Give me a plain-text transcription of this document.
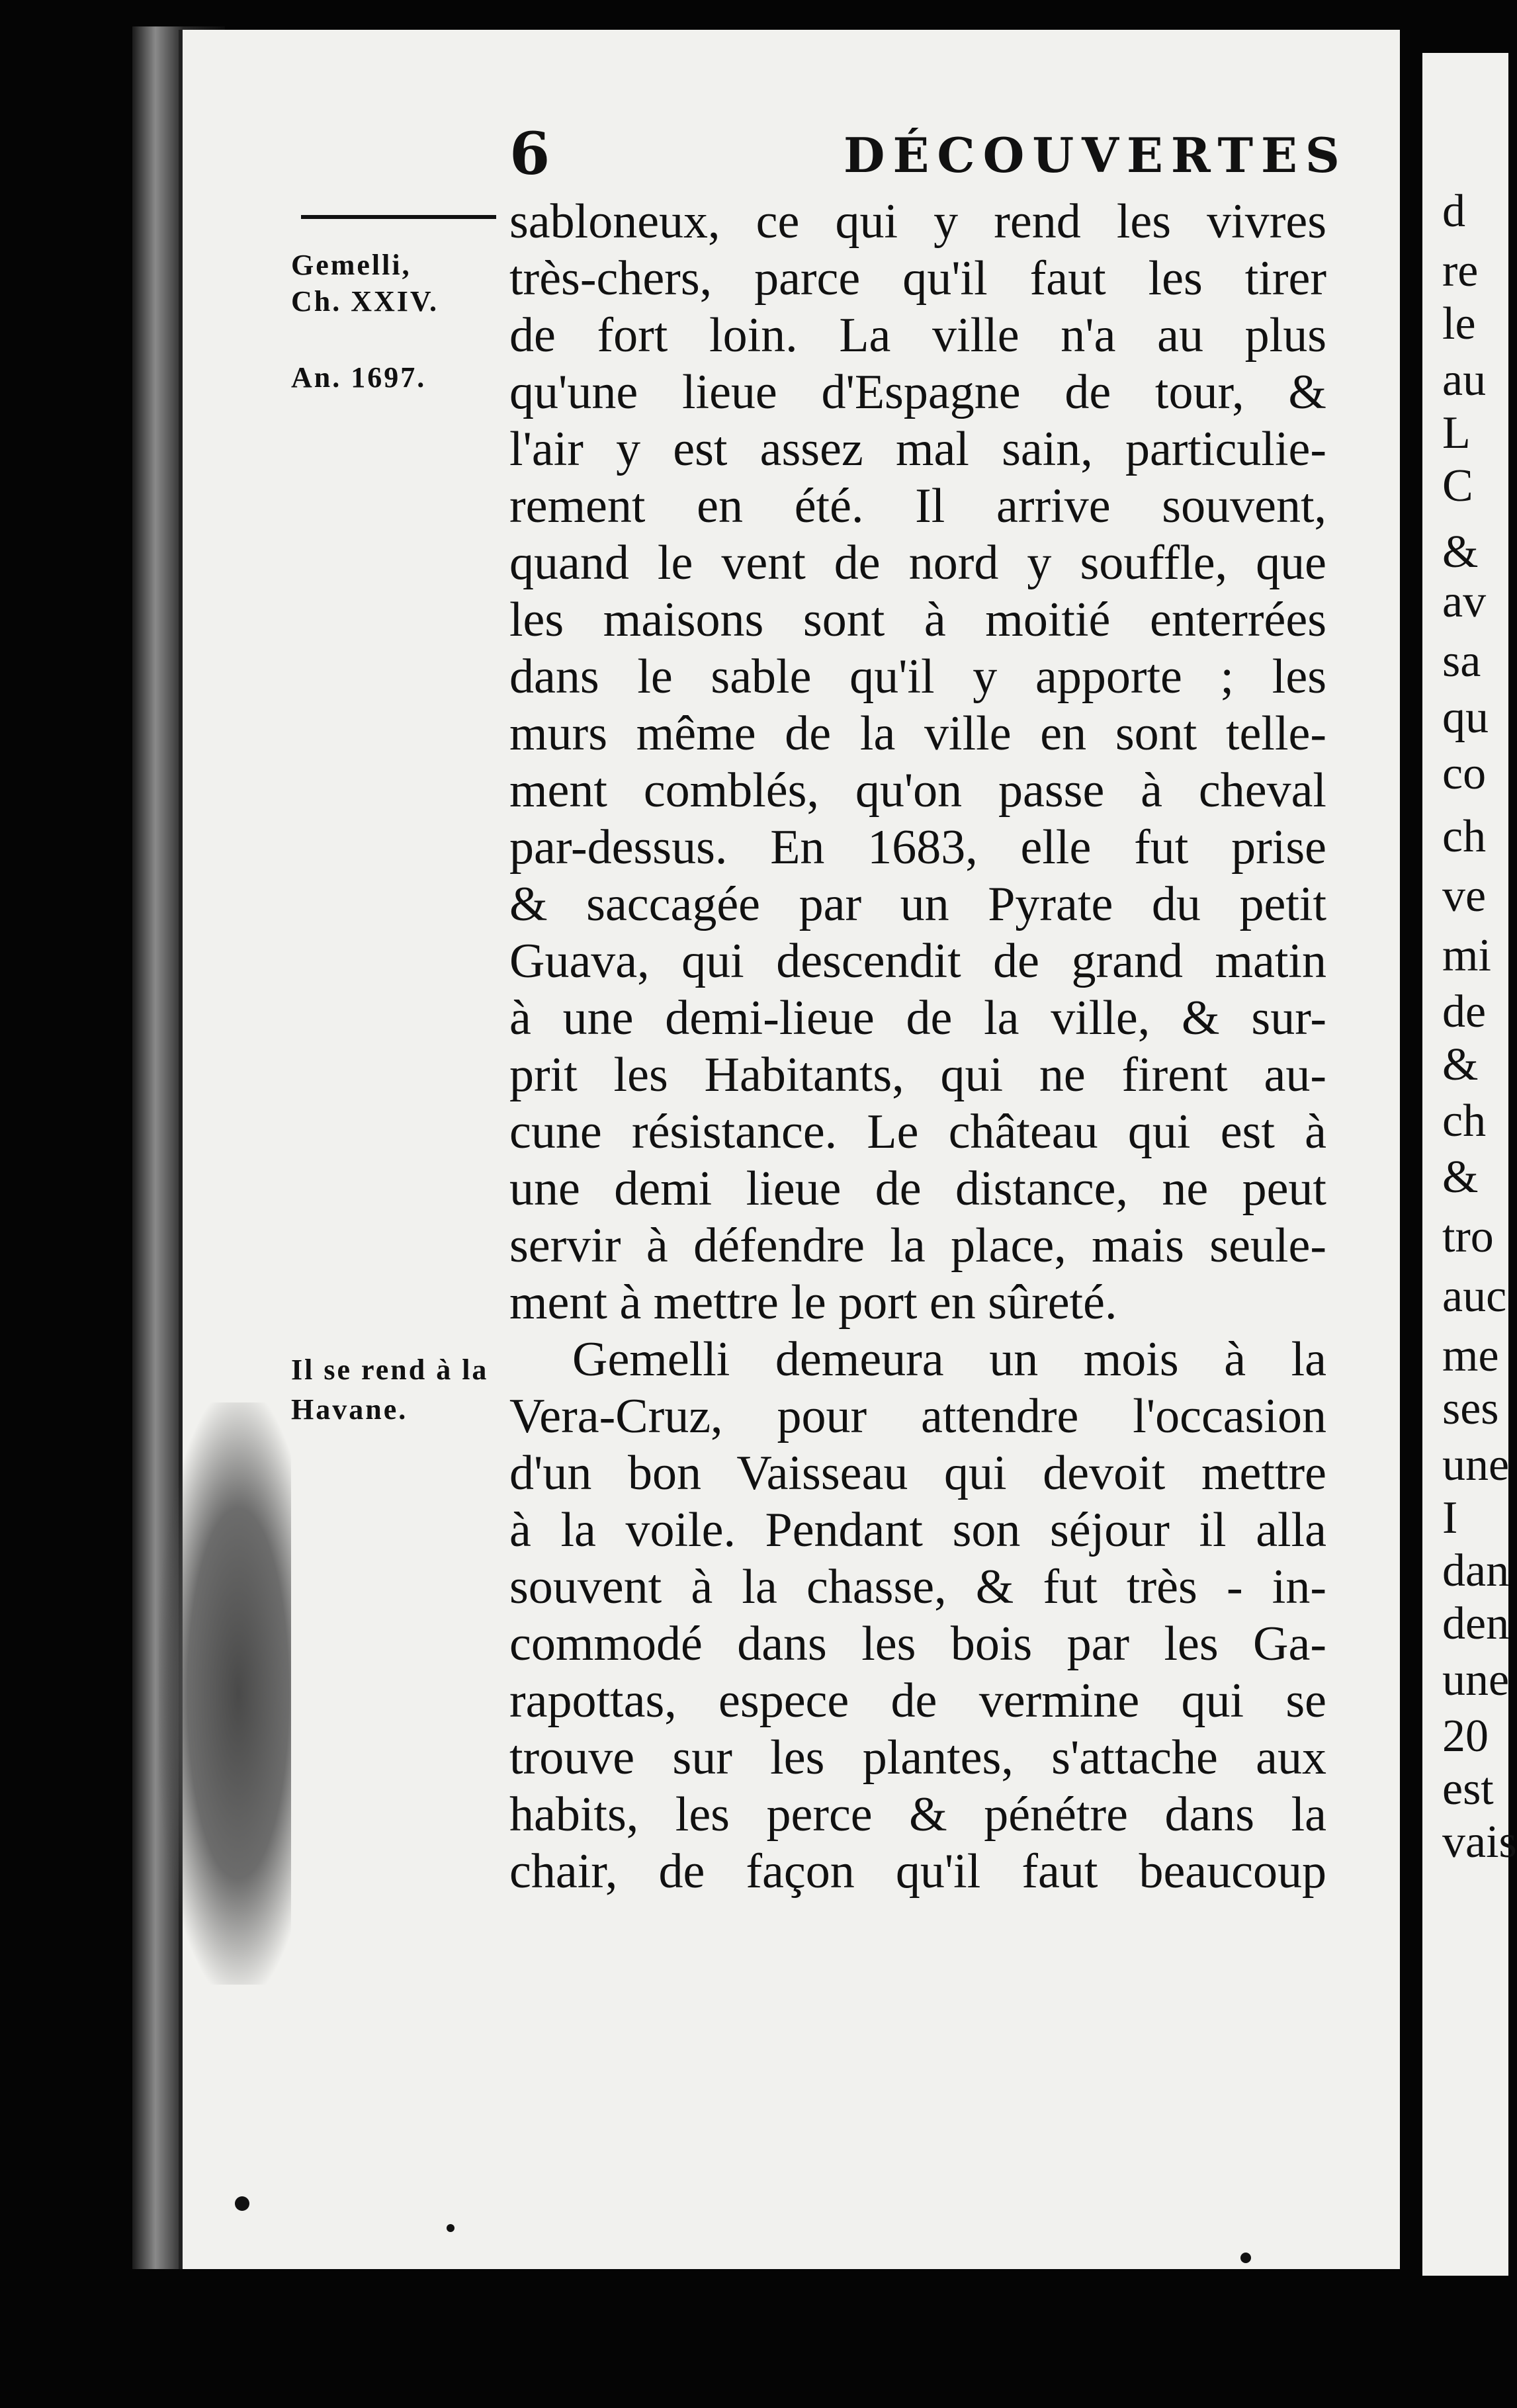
d
re
le
au
L
C
&
av
sa
qu
co
ch
ve
mi
de
&
ch
&
tro
auc
me
ses
une
I
dan
den
une
20
est
vais
6	DÉCOUVERTES
Gemelli,
Ch. XXIV.
An. 1697.
Il se rend à la
Havane.
sabloneux, ce qui y rend les vivres
très-chers, parce qu'il faut les tirer
de fort loin. La ville n'a au plus
qu'une lieue d'Espagne de tour, &
l'air y est assez mal sain, particulie-
rement en été. Il arrive souvent,
quand le vent de nord y souffle, que
les maisons sont à moitié enterrées
dans le sable qu'il y apporte ; les
murs même de la ville en sont telle-
ment comblés, qu'on passe à cheval
par-dessus. En 1683, elle fut prise
& saccagée par un Pyrate du petit
Guava, qui descendit de grand matin
à une demi-lieue de la ville, & sur-
prit les Habitants, qui ne firent au-
cune résistance. Le château qui est à
une demi lieue de distance, ne peut
servir à défendre la place, mais seule-
ment à mettre le port en sûreté.
Gemelli demeura un mois à la
Vera-Cruz, pour attendre l'occasion
d'un bon Vaisseau qui devoit mettre
à la voile. Pendant son séjour il alla
souvent à la chasse, & fut très - in-
commodé dans les bois par les Ga-
rapottas, espece de vermine qui se
trouve sur les plantes, s'attache aux
habits, les perce & pénétre dans la
chair, de façon qu'il faut beaucoup
